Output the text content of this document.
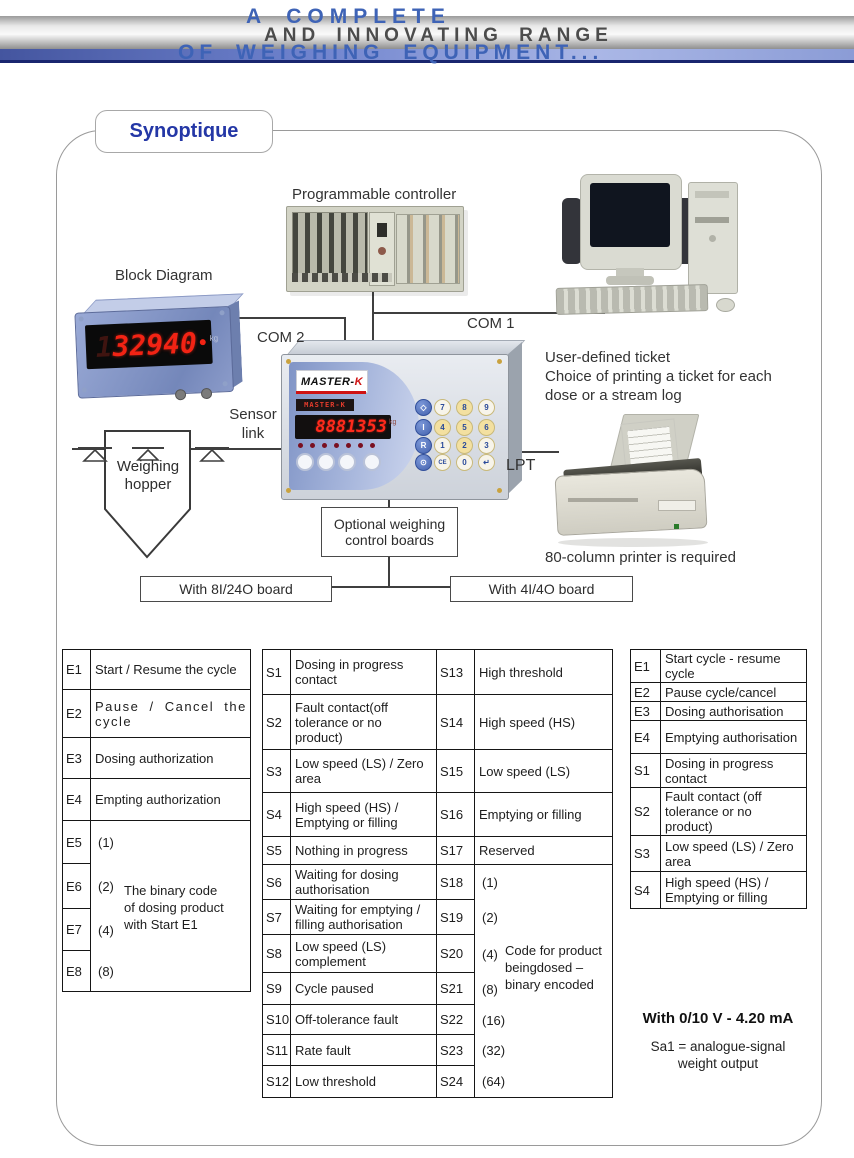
A COMPLETE
AND INNOVATING RANGE
OF WEIGHING EQUIPMENT...
Synoptique
Programmable controller
Block Diagram
COM 2
COM 1
LPT
Sensor
link
User-defined ticket
Choice of printing a ticket for each
dose or a stream log
80-column printer is required
Optional weighing
control boards
With 8I/24O board	With 4I/4O board
Weighing
hopper
1
32940 kg
MASTER- K
MASTER-K
888 1353 kg
◇
I
R
⊙
7	8	9
4	5	6
1	2	3
CE	0	↵
E1	Start / Resume the cycle
E2	Pause / Cancel the cycle
E3	Dosing authorization
E4	Empting authorization
E5	(1)
E6	(2)
E7	(4)
E8	(8)
The binary code
of dosing product
with Start E1
S1	Dosing in progress contact	S13	High threshold
S2	Fault contact(off tolerance or no product)	S14	High speed (HS)
S3	Low speed (LS) / Zero area	S15	Low speed (LS)
S4	High speed (HS) / Emptying or filling	S16	Emptying or filling
S5	Nothing in progress	S17	Reserved
S6	Waiting for dosing authorisation	S18	(1)
S7	Waiting for emptying / filling authorisation	S19	(2)
S8	Low speed (LS) complement	S20	(4)
S9	Cycle paused	S21	(8)
S10	Off-tolerance fault	S22	(16)
S11	Rate fault	S23	(32)
S12	Low threshold	S24	(64)
Code for product
beingdosed –
binary encoded
E1	Start cycle - resume cycle
E2	Pause cycle/cancel
E3	Dosing authorisation
E4	Emptying authorisation
S1	Dosing in progress contact
S2	Fault contact (off tolerance or no product)
S3	Low speed (LS) / Zero area
S4	High speed (HS) / Emptying or filling
With 0/10 V - 4.20 mA
Sa1 = analogue-signal
weight output
